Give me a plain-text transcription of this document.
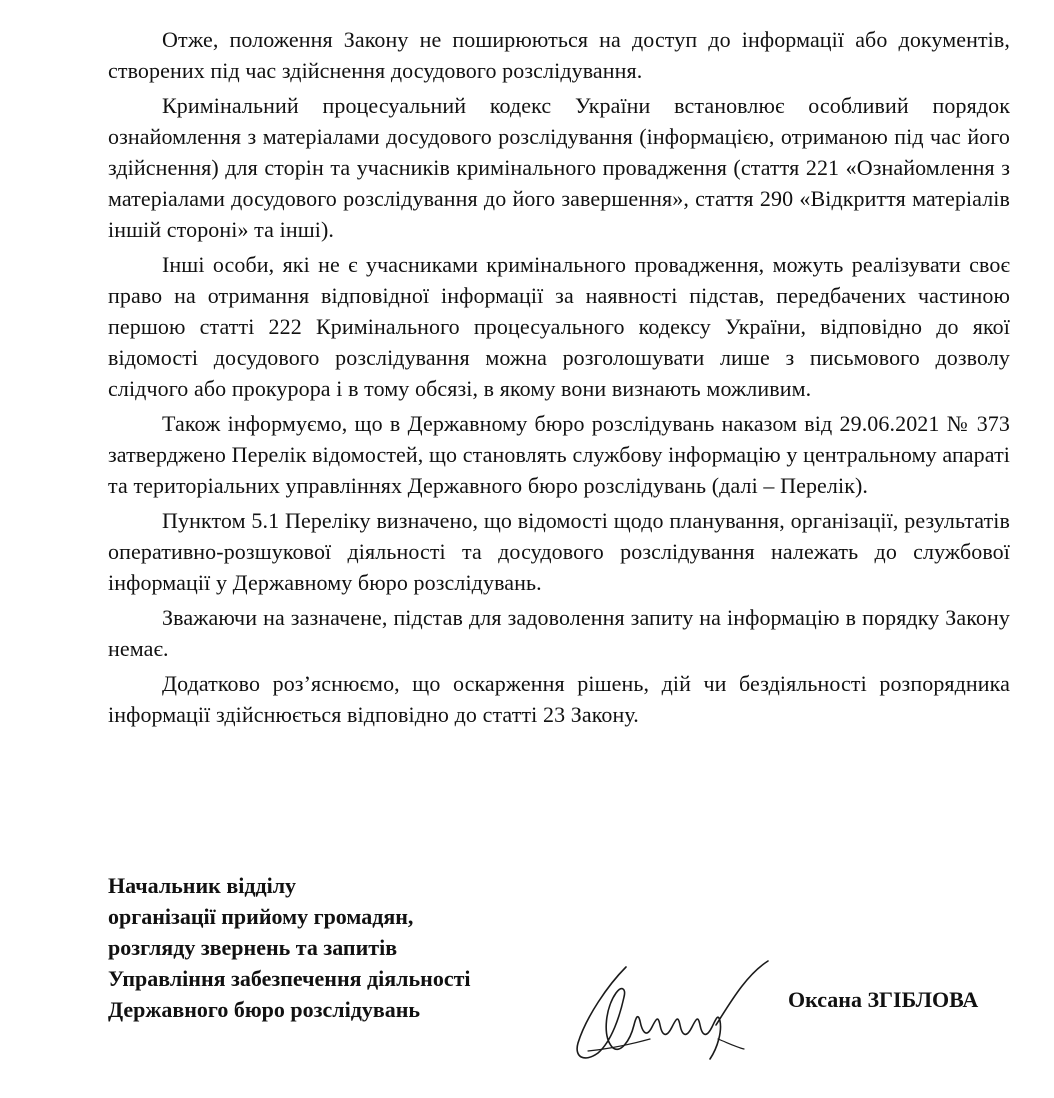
Отже, положення Закону не поширюються на доступ до інформації або документів, створених під час здійснення досудового розслідування.

Кримінальний процесуальний кодекс України встановлює особливий порядок ознайомлення з матеріалами досудового розслідування (інформацією, отриманою під час його здійснення) для сторін та учасників кримінального провадження (стаття 221 «Ознайомлення з матеріалами досудового розслідування до його завершення», стаття 290 «Відкриття матеріалів іншій стороні» та інші).

Інші особи, які не є учасниками кримінального провадження, можуть реалізувати своє право на отримання відповідної інформації за наявності підстав, передбачених частиною першою статті 222 Кримінального процесуального кодексу України, відповідно до якої відомості досудового розслідування можна розголошувати лише з письмового дозволу слідчого або прокурора і в тому обсязі, в якому вони визнають можливим.

Також інформуємо, що в Державному бюро розслідувань наказом від 29.06.2021 № 373 затверджено Перелік відомостей, що становлять службову інформацію у центральному апараті та територіальних управліннях Державного бюро розслідувань (далі – Перелік).

Пунктом 5.1 Переліку визначено, що відомості щодо планування, організації, результатів оперативно-розшукової діяльності та досудового розслідування належать до службової інформації у Державному бюро розслідувань.

Зважаючи на зазначене, підстав для задоволення запиту на інформацію в порядку Закону немає.

Додатково роз’яснюємо, що оскарження рішень, дій чи бездіяльності розпорядника інформації здійснюється відповідно до статті 23 Закону.

Начальник відділу
організації прийому громадян,
розгляду звернень та запитів
Управління забезпечення діяльності
Державного бюро розслідувань	Оксана ЗГІБЛОВА
